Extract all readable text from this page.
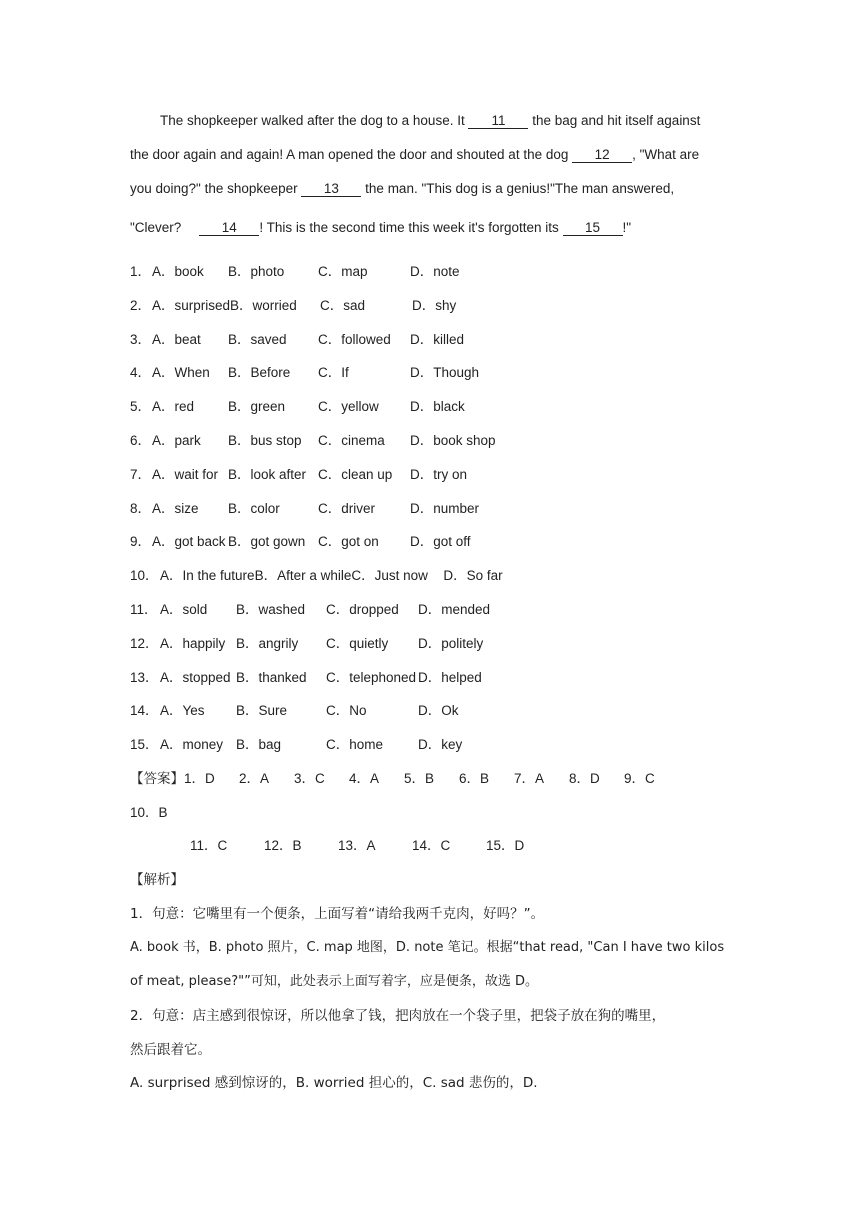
The shopkeeper walked after the dog to a house. It 11 the bag and hit itself against
the door again and again! A man opened the door and shouted at the dog 12 , "What are
you doing?" the shopkeeper 13 the man. "This dog is a genius!"The man answered,
"Clever?	14 ! This is the second time this week it's forgotten its 15 !"
1．A．book B．photo C．map	D．note
2．A．surprisedB．worried C．sad	D．shy
3．A．beat B．saved C．followed D．killed
4．A．When B．Before C．If	D．Though
5．A．red	B．green C．yellow D．black
6．A．park B．bus stop C．cinema D．book shop
7．A．wait for B．look after C．clean up D．try on
8．A．size B．color	C．driver	D．number
9．A．got back B．got gown C．got on D．got off
10．A．In the futureB．After a whileC．Just now D．So far
11． A．sold B．washed C．dropped D．mended
12．A．happily B．angrily C．quietly D．politely
13．A．stopped B．thanked C．telephoned D．helped
14．A．Yes B．Sure	C．No	D．Ok
15．A．money B．bag	C．home	D．key
【答案】1．D 2．A 3．C 4．A 5．B 6．B 7．A 8．D 9．C
10．B
11．C	12．B	13．A	14．C	15．D
【解析】
1．句意：它嘴里有一个便条，上面写着“请给我两千克肉，好吗？”。
A. book 书，B. photo 照片，C. map 地图，D. note 笔记。根据“that read, "Can I have two kilos
of meat, please?"”可知，此处表示上面写着字，应是便条，故选 D。
2．句意：店主感到很惊讶，所以他拿了钱，把肉放在一个袋子里，把袋子放在狗的嘴里，
然后跟着它。
A. surprised 感到惊讶的，B. worried 担心的，C. sad 悲伤的，D.
